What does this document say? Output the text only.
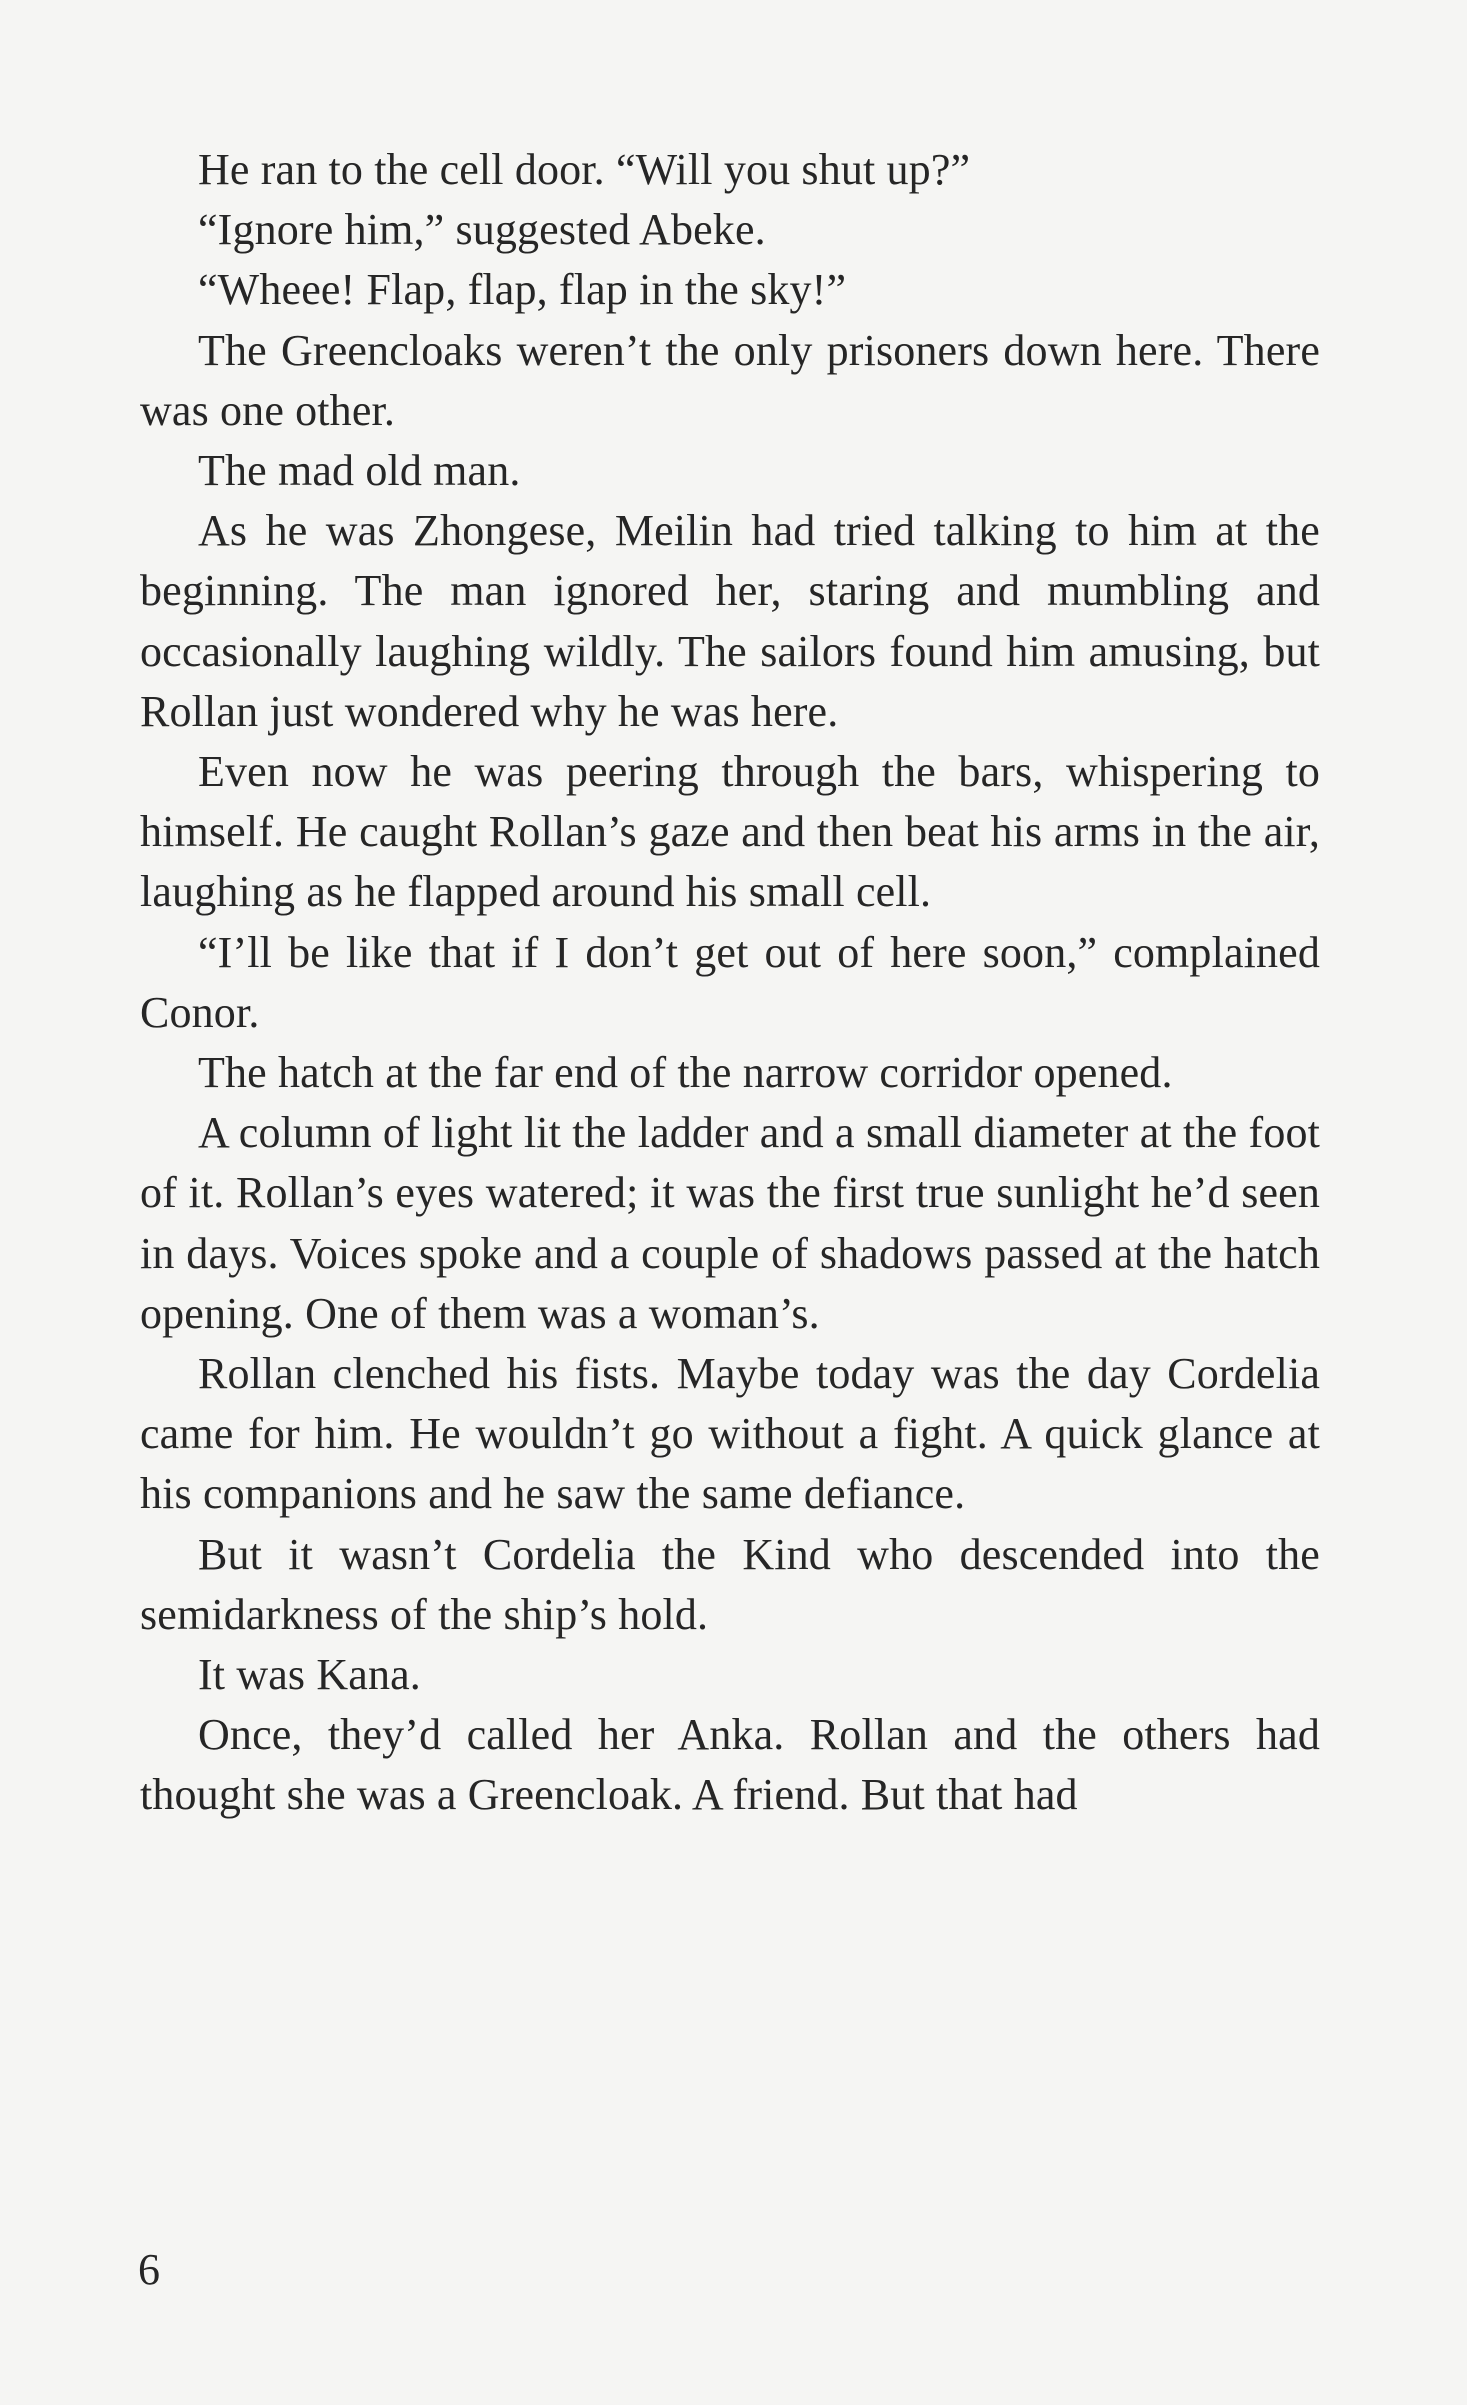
He ran to the cell door. “Will you shut up?”

“Ignore him,” suggested Abeke.

“Wheee! Flap, flap, flap in the sky!”

The Greencloaks weren’t the only prisoners down here. There was one other.

The mad old man.

As he was Zhongese, Meilin had tried talking to him at the beginning. The man ignored her, staring and mumbling and occasionally laughing wildly. The sailors found him amusing, but Rollan just wondered why he was here.

Even now he was peering through the bars, whispering to himself. He caught Rollan’s gaze and then beat his arms in the air, laughing as he flapped around his small cell.

“I’ll be like that if I don’t get out of here soon,” complained Conor.

The hatch at the far end of the narrow corridor opened.

A column of light lit the ladder and a small diameter at the foot of it. Rollan’s eyes watered; it was the first true sunlight he’d seen in days. Voices spoke and a couple of shadows passed at the hatch opening. One of them was a woman’s.

Rollan clenched his fists. Maybe today was the day Cordelia came for him. He wouldn’t go without a fight. A quick glance at his companions and he saw the same defiance.

But it wasn’t Cordelia the Kind who descended into the semidarkness of the ship’s hold.

It was Kana.

Once, they’d called her Anka. Rollan and the others had thought she was a Greencloak. A friend. But that had

6
